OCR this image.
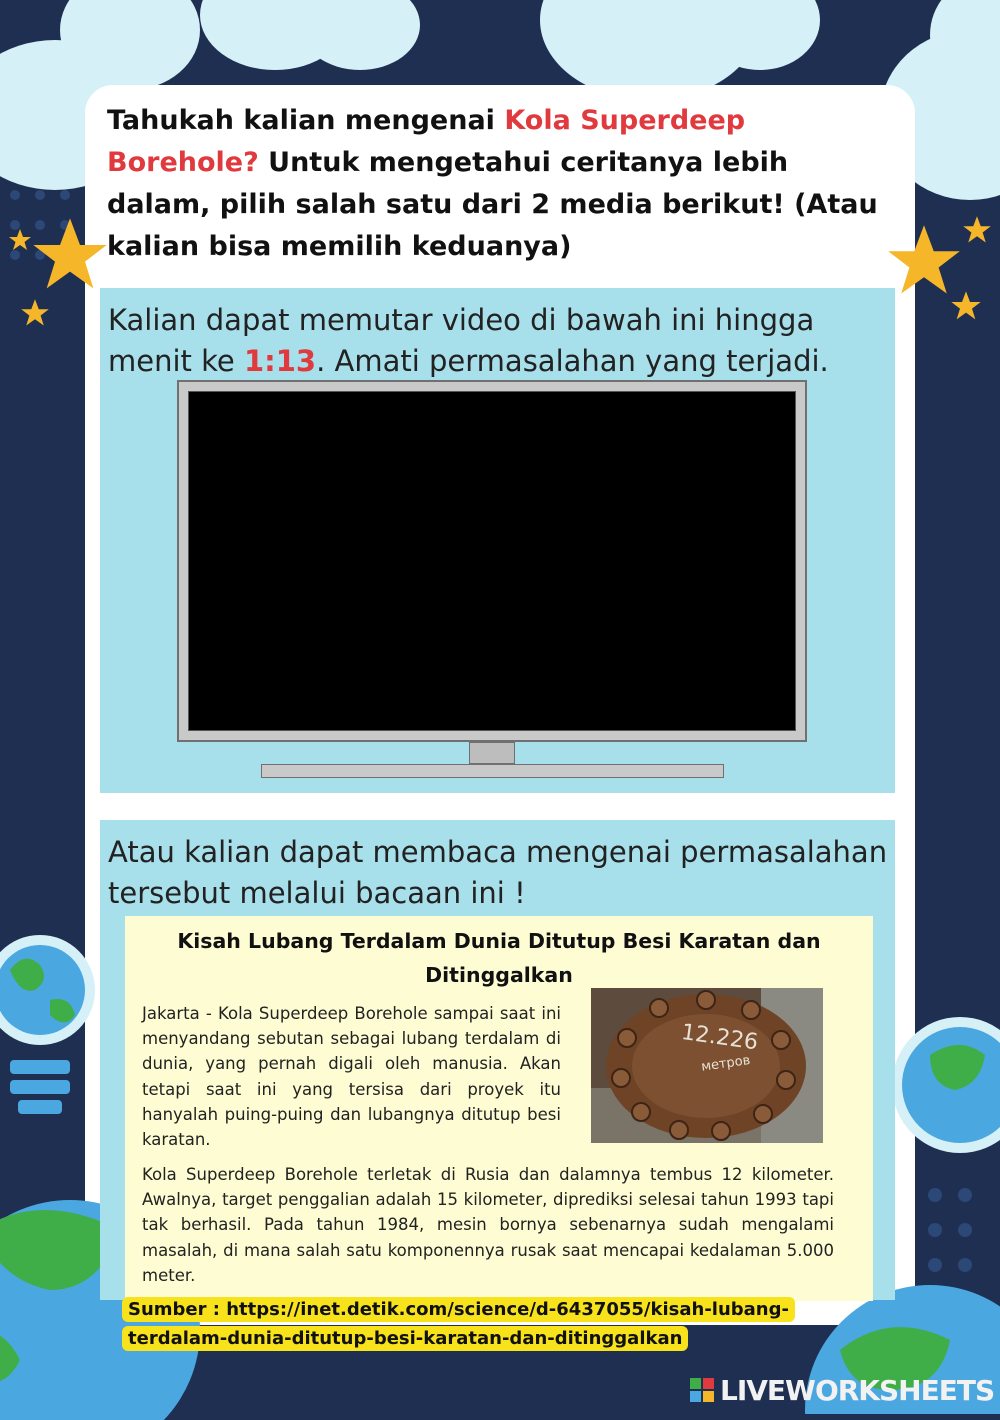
Tahukah kalian mengenai Kola Superdeep Borehole? Untuk mengetahui ceritanya lebih dalam, pilih salah satu dari 2 media berikut! (Atau kalian bisa memilih keduanya)

Kalian dapat memutar video di bawah ini hingga menit ke 1:13. Amati permasalahan yang terjadi.

Atau kalian dapat membaca mengenai permasalahan tersebut melalui bacaan ini !

Kisah Lubang Terdalam Dunia Ditutup Besi Karatan dan Ditinggalkan

Jakarta - Kola Superdeep Borehole sampai saat ini menyandang sebutan sebagai lubang terdalam di dunia, yang pernah digali oleh manusia. Akan tetapi saat ini yang tersisa dari proyek itu hanyalah puing-puing dan lubangnya ditutup besi karatan.

12.226
метров

Kola Superdeep Borehole terletak di Rusia dan dalamnya tembus 12 kilometer. Awalnya, target penggalian adalah 15 kilometer, diprediksi selesai tahun 1993 tapi tak berhasil. Pada tahun 1984, mesin bornya sebenarnya sudah mengalami masalah, di mana salah satu komponennya rusak saat mencapai kedalaman 5.000 meter.

Sumber : https://inet.detik.com/science/d-6437055/kisah-lubang-terdalam-dunia-ditutup-besi-karatan-dan-ditinggalkan
LIVEWORKSHEETS
